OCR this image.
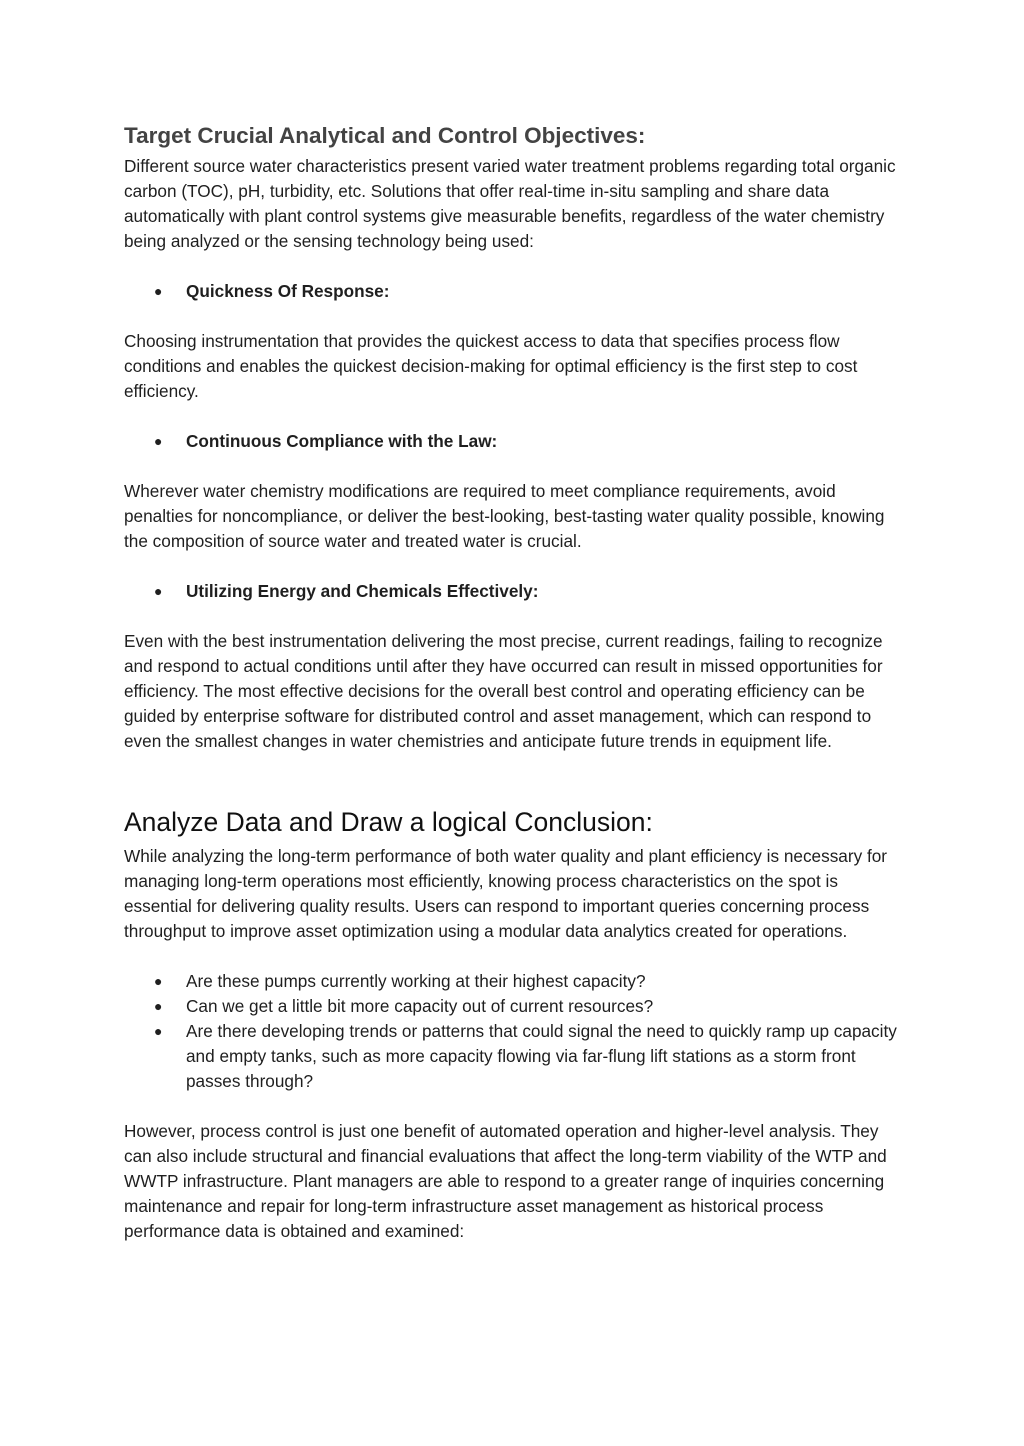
Target Crucial Analytical and Control Objectives:

Different source water characteristics present varied water treatment problems regarding total organic carbon (TOC), pH, turbidity, etc. Solutions that offer real-time in-situ sampling and share data automatically with plant control systems give measurable benefits, regardless of the water chemistry being analyzed or the sensing technology being used:

● Quickness Of Response:

Choosing instrumentation that provides the quickest access to data that specifies process flow conditions and enables the quickest decision-making for optimal efficiency is the first step to cost efficiency.

● Continuous Compliance with the Law:

Wherever water chemistry modifications are required to meet compliance requirements, avoid penalties for noncompliance, or deliver the best-looking, best-tasting water quality possible, knowing the composition of source water and treated water is crucial.

● Utilizing Energy and Chemicals Effectively:

Even with the best instrumentation delivering the most precise, current readings, failing to recognize and respond to actual conditions until after they have occurred can result in missed opportunities for efficiency. The most effective decisions for the overall best control and operating efficiency can be guided by enterprise software for distributed control and asset management, which can respond to even the smallest changes in water chemistries and anticipate future trends in equipment life.

Analyze Data and Draw a logical Conclusion:

While analyzing the long-term performance of both water quality and plant efficiency is necessary for managing long-term operations most efficiently, knowing process characteristics on the spot is essential for delivering quality results. Users can respond to important queries concerning process throughput to improve asset optimization using a modular data analytics created for operations.

● Are these pumps currently working at their highest capacity?
● Can we get a little bit more capacity out of current resources?
● Are there developing trends or patterns that could signal the need to quickly ramp up capacity and empty tanks, such as more capacity flowing via far-flung lift stations as a storm front passes through?

However, process control is just one benefit of automated operation and higher-level analysis. They can also include structural and financial evaluations that affect the long-term viability of the WTP and WWTP infrastructure. Plant managers are able to respond to a greater range of inquiries concerning maintenance and repair for long-term infrastructure asset management as historical process performance data is obtained and examined:
